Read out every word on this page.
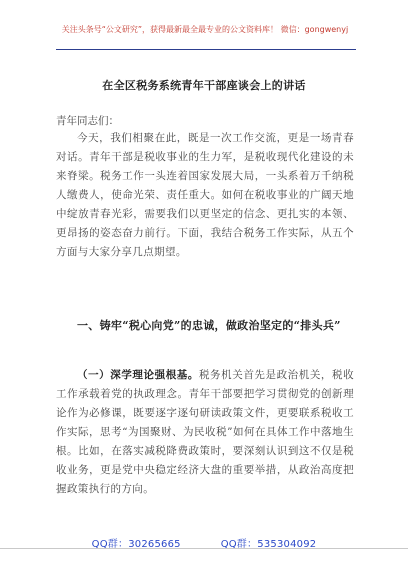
关注头条号“公文研究”，获得最新最全最专业的公文资料库！ 微信：gongwenyj
在全区税务系统青年干部座谈会上的讲话
青年同志们：
今天，我们相聚在此，既是一次工作交流，更是一场青春对话。青年干部是税收事业的生力军，是税收现代化建设的未来脊梁。税务工作一头连着国家发展大局，一头系着万千纳税人缴费人，使命光荣、责任重大。如何在税收事业的广阔天地中绽放青春光彩，需要我们以更坚定的信念、更扎实的本领、更昂扬的姿态奋力前行。下面，我结合税务工作实际，从五个方面与大家分享几点期望。
一、铸牢“税心向党”的忠诚，做政治坚定的“排头兵”
（一）深学理论强根基。税务机关首先是政治机关，税收工作承载着党的执政理念。青年干部要把学习贯彻党的创新理论作为必修课，既要逐字逐句研读政策文件，更要联系税收工作实际，思考“为国聚财、为民收税”如何在具体工作中落地生根。比如，在落实减税降费政策时，要深刻认识到这不仅是税收业务，更是党中央稳定经济大盘的重要举措，从政治高度把握政策执行的方向。
QQ群：30265665	QQ群：535304092
